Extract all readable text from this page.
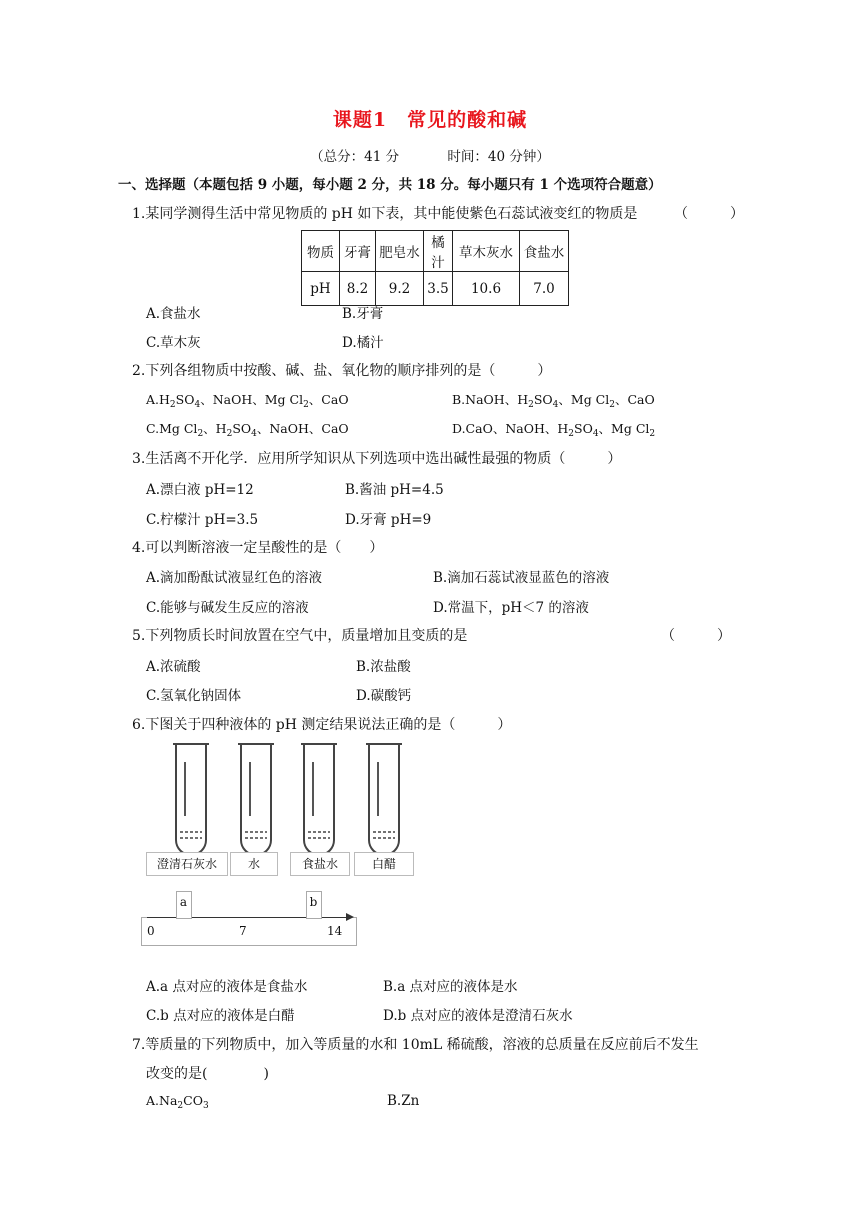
课题1　常见的酸和碱
（总分：41 分	时间：40 分钟）
一、选择题（本题包括 9 小题，每小题 2 分，共 18 分。每小题只有 1 个选项符合题意）
1.某同学测得生活中常见物质的 pH 如下表，其中能使紫色石蕊试液变红的物质是	（　　　）
物质	牙膏	肥皂水	橘汁	草木灰水	食盐水
pH	8.2	9.2	3.5	10.6	7.0
A.食盐水	B.牙膏
C.草木灰	D.橘汁
2.下列各组物质中按酸、碱、盐、氧化物的顺序排列的是（　　　）
$A.H_2SO_4$、NaOH、Mg $Cl_2$、CaO	B.NaOH、$H_2SO_4$、Mg $Cl_2$、CaO
C.Mg $Cl_2$、$H_2SO_4$、NaOH、CaO	D.CaO、NaOH、$H_2SO_4$、Mg $Cl_2$
3.生活离不开化学．应用所学知识从下列选项中选出碱性最强的物质（　　　）
A.漂白液 pH=12	B.酱油 pH=4.5
C.柠檬汁 pH=3.5	D.牙膏 pH=9
4.可以判断溶液一定呈酸性的是（　　）
A.滴加酚酞试液显红色的溶液	B.滴加石蕊试液显蓝色的溶液
C.能够与碱发生反应的溶液	D.常温下，pH＜7 的溶液
5.下列物质长时间放置在空气中，质量增加且变质的是	（　　　）
A.浓硫酸	B.浓盐酸
C.氢氧化钠固体	D.碳酸钙
6.下图关于四种液体的 pH 测定结果说法正确的是（　　　）
澄清石灰水	水	食盐水	白醋
a	b
0	7	14
A.a 点对应的液体是食盐水	B.a 点对应的液体是水
C.b 点对应的液体是白醋	D.b 点对应的液体是澄清石灰水
7.等质量的下列物质中，加入等质量的水和 10mL 稀硫酸，溶液的总质量在反应前后不发生
改变的是(　　　　)
$A.Na_2CO_3$	B.Zn
